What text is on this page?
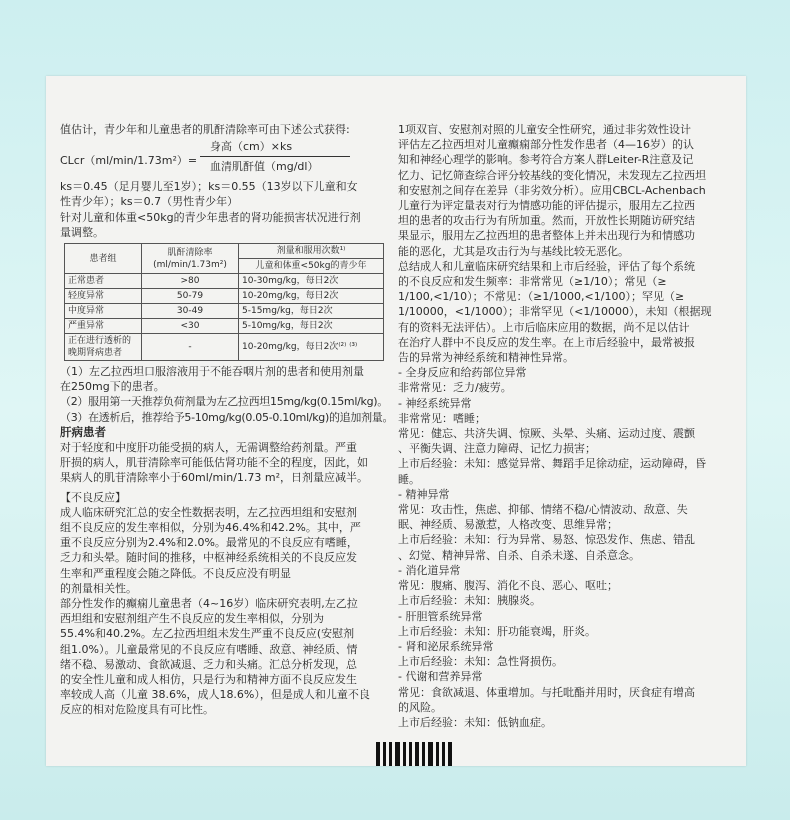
值估计，青少年和儿童患者的肌酐清除率可由下述公式获得:

CLcr（ml/min/1.73m²）=
身高（cm）×ks
血清肌酐值（mg/dl）

ks＝0.45（足月婴儿至1岁）；ks＝0.55（13岁以下儿童和女

性青少年）；ks＝0.7（男性青少年）

针对儿童和体重<50kg的青少年患者的肾功能损害状况进行剂

量调整。

患者组	肌酐清除率 (ml/min/1.73m²)	剂量和服用次数¹⁾
		儿童和体重<50kg的青少年
正常患者	>80	10-30mg/kg，每日2次
轻度异常	50-79	10-20mg/kg，每日2次
中度异常	30-49	5-15mg/kg，每日2次
严重异常	<30	5-10mg/kg，每日2次
正在进行透析的晚期肾病患者	-	10-20mg/kg，每日2次⁽²⁾ ⁽³⁾

（1）左乙拉西坦口服溶液用于不能吞咽片剂的患者和使用剂量

在250mg下的患者。

（2）服用第一天推荐负荷剂量为左乙拉西坦15mg/kg(0.15ml/kg)。

（3）在透析后，推荐给予5-10mg/kg(0.05-0.10ml/kg)的追加剂量。

肝病患者

对于轻度和中度肝功能受损的病人，无需调整给药剂量。严重

肝损的病人，肌苷清除率可能低估肾功能不全的程度，因此，如

果病人的肌苷清除率小于60ml/min/1.73 m²，日剂量应减半。

【不良反应】

成人临床研究汇总的安全性数据表明，左乙拉西坦组和安慰剂

组不良反应的发生率相似，分别为46.4%和42.2%。其中，严

重不良反应分别为2.4%和2.0%。最常见的不良反应有嗜睡，

乏力和头晕。随时间的推移，中枢神经系统相关的不良反应发

生率和严重程度会随之降低。不良反应没有明显

的剂量相关性。

部分性发作的癫痫儿童患者（4~16岁）临床研究表明,左乙拉

西坦组和安慰剂组产生不良反应的发生率相似，分别为

55.4%和40.2%。左乙拉西坦组未发生严重不良反应(安慰剂

组1.0%）。儿童最常见的不良反应有嗜睡、敌意、神经质、情

绪不稳、易激动、食欲减退、乏力和头痛。汇总分析发现，总

的安全性儿童和成人相仿，只是行为和精神方面不良反应发生

率较成人高（儿童 38.6%，成人18.6%），但是成人和儿童不良

反应的相对危险度具有可比性。

1项双盲、安慰剂对照的儿童安全性研究，通过非劣效性设计

评估左乙拉西坦对儿童癫痫部分性发作患者（4—16岁）的认

知和神经心理学的影响。参考符合方案人群Leiter-R注意及记

忆力、记忆筛查综合评分较基线的变化情况，未发现左乙拉西坦

和安慰剂之间存在差异（非劣效分析）。应用CBCL-Achenbach

儿童行为评定量表对行为情感功能的评估提示，服用左乙拉西

坦的患者的攻击行为有所加重。然而，开放性长期随访研究结

果显示，服用左乙拉西坦的患者整体上并未出现行为和情感功

能的恶化，尤其是攻击行为与基线比较无恶化。

总结成人和儿童临床研究结果和上市后经验，评估了每个系统

的不良反应和发生频率：非常常见（≥1/10）；常见（≥

1/100,<1/10）；不常见：（≥1/1000,<1/100）；罕见（≥

1/10000，<1/1000）；非常罕见（<1/10000），未知（根据现

有的资料无法评估）。上市后临床应用的数据，尚不足以估计

在治疗人群中不良反应的发生率。在上市后经验中，最常被报

告的异常为神经系统和精神性异常。

- 全身反应和给药部位异常

非常常见：乏力/疲劳。

- 神经系统异常

非常常见：嗜睡；

常见：健忘、共济失调、惊厥、头晕、头痛、运动过度、震颤

、平衡失调、注意力障碍、记忆力损害；

上市后经验：未知：感觉异常、舞蹈手足徐动症，运动障碍，昏

睡。

- 精神异常

常见：攻击性，焦虑、抑郁、情绪不稳/心情波动、敌意、失

眠、神经质、易激惹，人格改变、思维异常；

上市后经验：未知：行为异常、易怒、惊恐发作、焦虑、错乱

、幻觉、精神异常、自杀、自杀未遂、自杀意念。

- 消化道异常

常见：腹痛、腹泻、消化不良、恶心、呕吐；

上市后经验：未知：胰腺炎。

- 肝胆管系统异常

上市后经验：未知：肝功能衰竭，肝炎。

- 肾和泌尿系统异常

上市后经验：未知：急性肾损伤。

- 代谢和营养异常

常见：食欲减退、体重增加。与托吡酯并用时，厌食症有增高

的风险。

上市后经验：未知：低钠血症。
